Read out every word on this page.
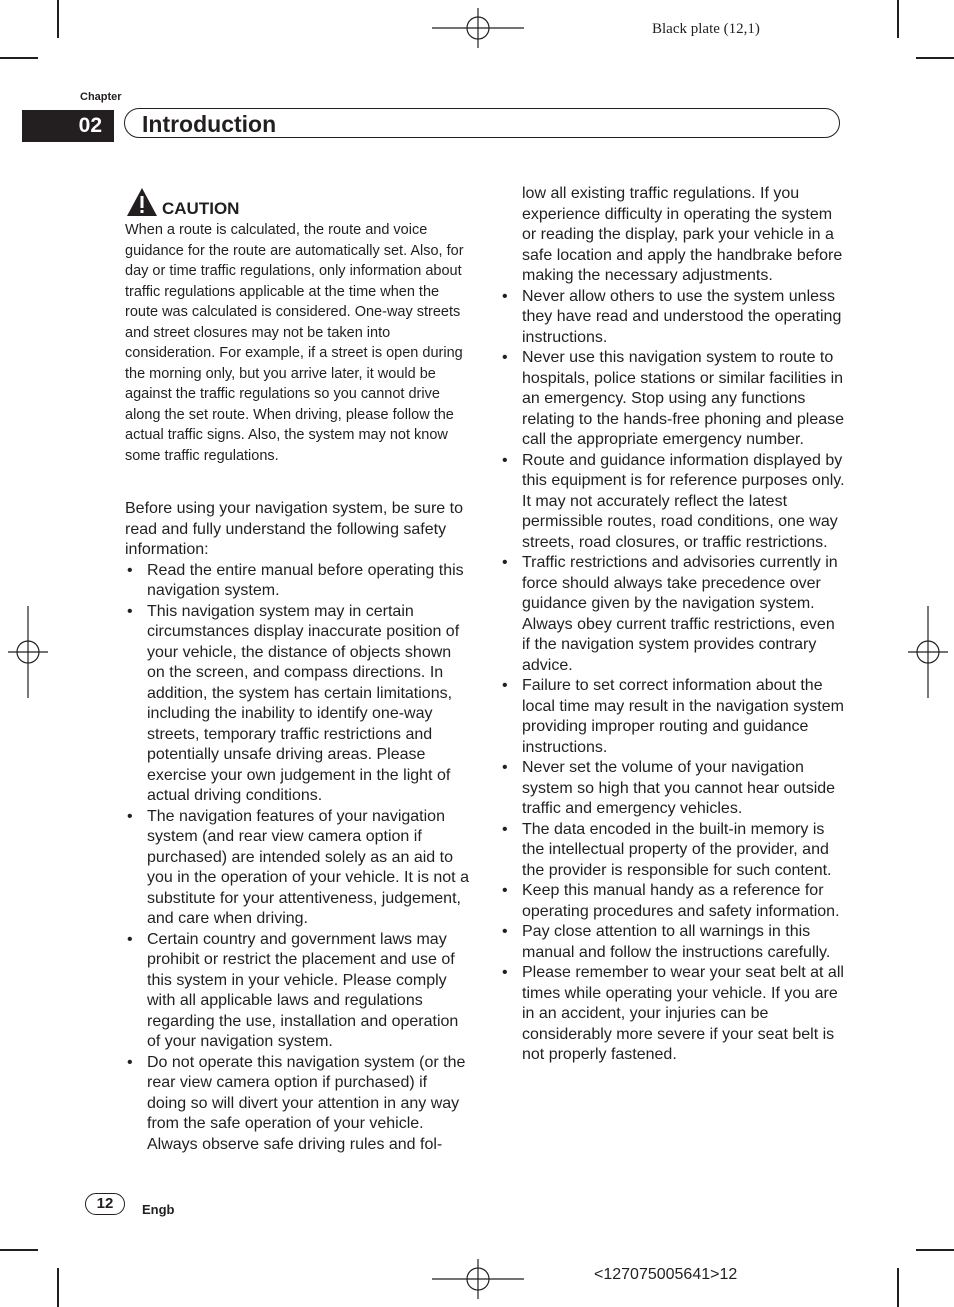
Black plate (12,1)
Chapter
02	Introduction
CAUTION
When a route is calculated, the route and voice guidance for the route are automatically set. Also, for day or time traffic regulations, only information about traffic regulations applicable at the time when the route was calculated is considered. One-way streets and street closures may not be taken into consideration. For example, if a street is open during the morning only, but you arrive later, it would be against the traffic regulations so you cannot drive along the set route. When driving, please follow the actual traffic signs. Also, the system may not know some traffic regulations.

Before using your navigation system, be sure to read and fully understand the following safety information:

• Read the entire manual before operating this navigation system.
• This navigation system may in certain circumstances display inaccurate position of your vehicle, the distance of objects shown on the screen, and compass directions. In addition, the system has certain limitations, including the inability to identify one-way streets, temporary traffic restrictions and potentially unsafe driving areas. Please exercise your own judgement in the light of actual driving conditions.
• The navigation features of your navigation system (and rear view camera option if purchased) are intended solely as an aid to you in the operation of your vehicle. It is not a substitute for your attentiveness, judgement, and care when driving.
• Certain country and government laws may prohibit or restrict the placement and use of this system in your vehicle. Please comply with all applicable laws and regulations regarding the use, installation and operation of your navigation system.
• Do not operate this navigation system (or the rear view camera option if purchased) if doing so will divert your attention in any way from the safe operation of your vehicle. Always observe safe driving rules and fol-

low all existing traffic regulations. If you experience difficulty in operating the system or reading the display, park your vehicle in a safe location and apply the handbrake before making the necessary adjustments.

• Never allow others to use the system unless they have read and understood the operating instructions.
• Never use this navigation system to route to hospitals, police stations or similar facilities in an emergency. Stop using any functions relating to the hands-free phoning and please call the appropriate emergency number.
• Route and guidance information displayed by this equipment is for reference purposes only. It may not accurately reflect the latest permissible routes, road conditions, one way streets, road closures, or traffic restrictions.
• Traffic restrictions and advisories currently in force should always take precedence over guidance given by the navigation system. Always obey current traffic restrictions, even if the navigation system provides contrary advice.
• Failure to set correct information about the local time may result in the navigation system providing improper routing and guidance instructions.
• Never set the volume of your navigation system so high that you cannot hear outside traffic and emergency vehicles.
• The data encoded in the built-in memory is the intellectual property of the provider, and the provider is responsible for such content.
• Keep this manual handy as a reference for operating procedures and safety information.
• Pay close attention to all warnings in this manual and follow the instructions carefully.
• Please remember to wear your seat belt at all times while operating your vehicle. If you are in an accident, your injuries can be considerably more severe if your seat belt is not properly fastened.
12	Engb
<127075005641>12
